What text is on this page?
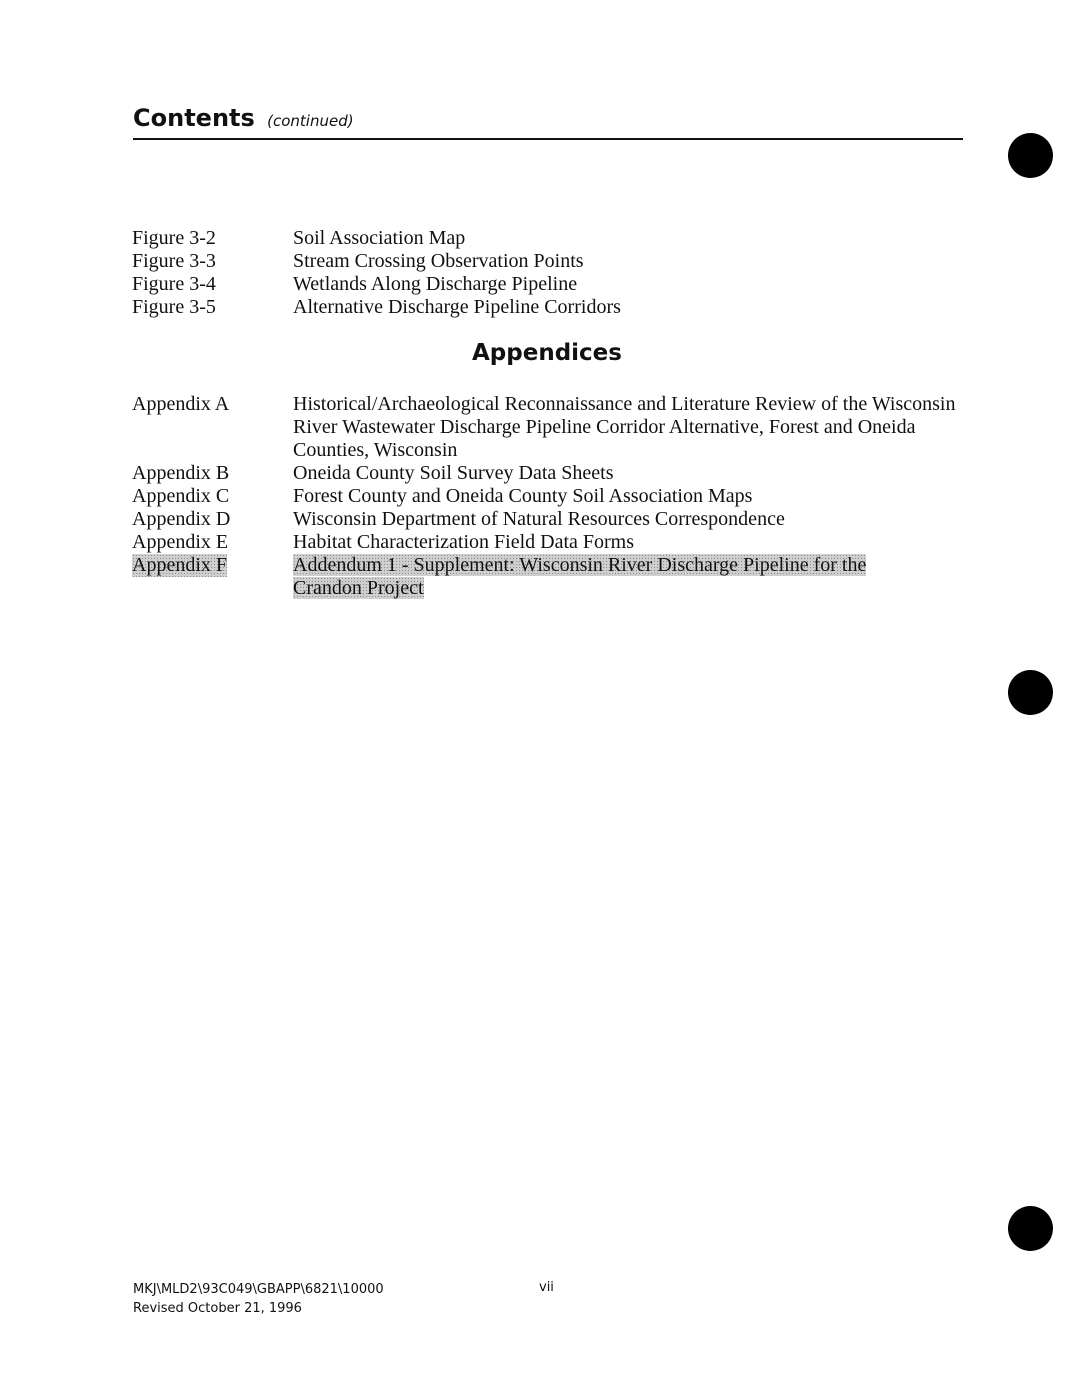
Contents (continued)
Figure 3-2	Soil Association Map
Figure 3-3	Stream Crossing Observation Points
Figure 3-4	Wetlands Along Discharge Pipeline
Figure 3-5	Alternative Discharge Pipeline Corridors
Appendices
Appendix A	Historical/Archaeological Reconnaissance and Literature Review of the Wisconsin River Wastewater Discharge Pipeline Corridor Alternative, Forest and Oneida Counties, Wisconsin
Appendix B	Oneida County Soil Survey Data Sheets
Appendix C	Forest County and Oneida County Soil Association Maps
Appendix D	Wisconsin Department of Natural Resources Correspondence
Appendix E	Habitat Characterization Field Data Forms
Appendix F	Addendum 1 - Supplement: Wisconsin River Discharge Pipeline for the Crandon Project
MKJ\MLD2\93C049\GBAPP\6821\10000
Revised October 21, 1996
vii
